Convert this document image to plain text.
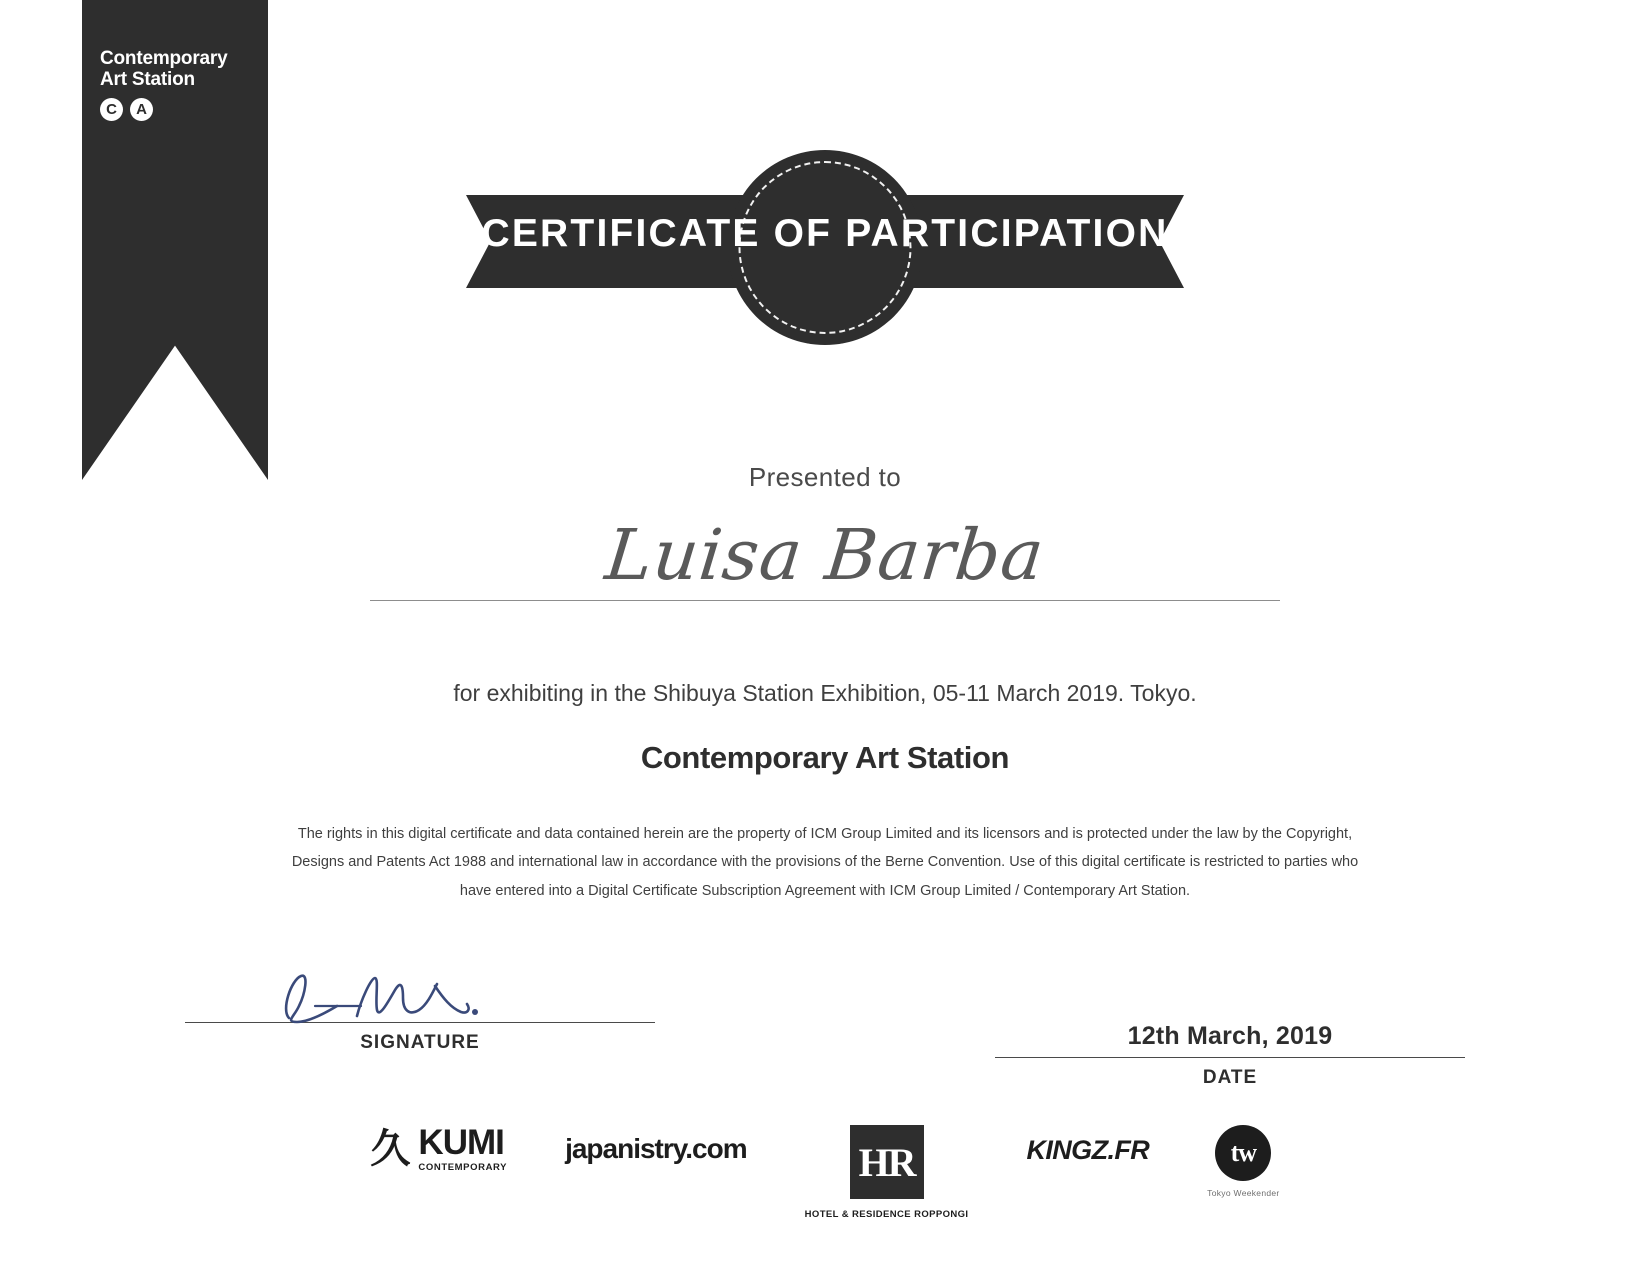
Contemporary
Art Station
C	A
CERTIFICATE OF PARTICIPATION
Presented to
Luisa Barba
for exhibiting in the Shibuya Station Exhibition, 05-11 March 2019. Tokyo.
Contemporary Art Station
The rights in this digital certificate and data contained herein are the property of ICM Group Limited and its licensors and is protected under the law by the Copyright, Designs and Patents Act 1988 and international law in accordance with the provisions of the Berne Convention. Use of this digital certificate is restricted to parties who have entered into a Digital Certificate Subscription Agreement with ICM Group Limited / Contemporary Art Station.
SIGNATURE	12th March, 2019
DATE
久 KUMI
CONTEMPORARY
japanistry.com	HR
HOTEL & RESIDENCE ROPPONGI
KINGZ.FR	tw
Tokyo Weekender
